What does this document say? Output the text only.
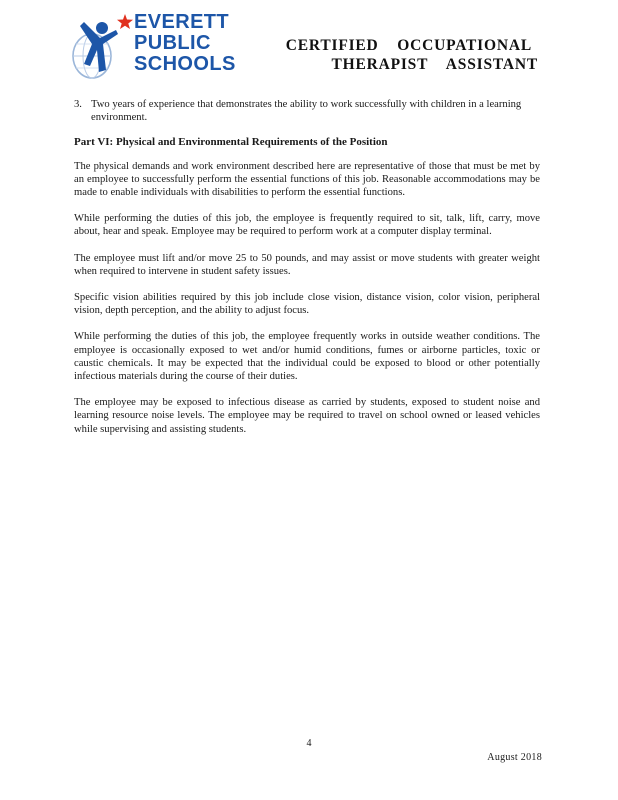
EVERETT
PUBLIC
SCHOOLS
CERTIFIED    OCCUPATIONAL
THERAPIST    ASSISTANT
3. Two years of experience that demonstrates the ability to work successfully with children in a learning environment.
Part VI: Physical and Environmental Requirements of the Position

The physical demands and work environment described here are representative of those that must be met by an employee to successfully perform the essential functions of this job. Reasonable accommodations may be made to enable individuals with disabilities to perform the essential functions.

While performing the duties of this job, the employee is frequently required to sit, talk, lift, carry, move about, hear and speak. Employee may be required to perform work at a computer display terminal.

The employee must lift and/or move 25 to 50 pounds, and may assist or move students with greater weight when required to intervene in student safety issues.

Specific vision abilities required by this job include close vision, distance vision, color vision, peripheral vision, depth perception, and the ability to adjust focus.

While performing the duties of this job, the employee frequently works in outside weather conditions. The employee is occasionally exposed to wet and/or humid conditions, fumes or airborne particles, toxic or caustic chemicals. It may be expected that the individual could be exposed to blood or other potentially infectious materials during the course of their duties.

The employee may be exposed to infectious disease as carried by students, exposed to student noise and learning resource noise levels. The employee may be required to travel on school owned or leased vehicles while supervising and assisting students.

4
August 2018
